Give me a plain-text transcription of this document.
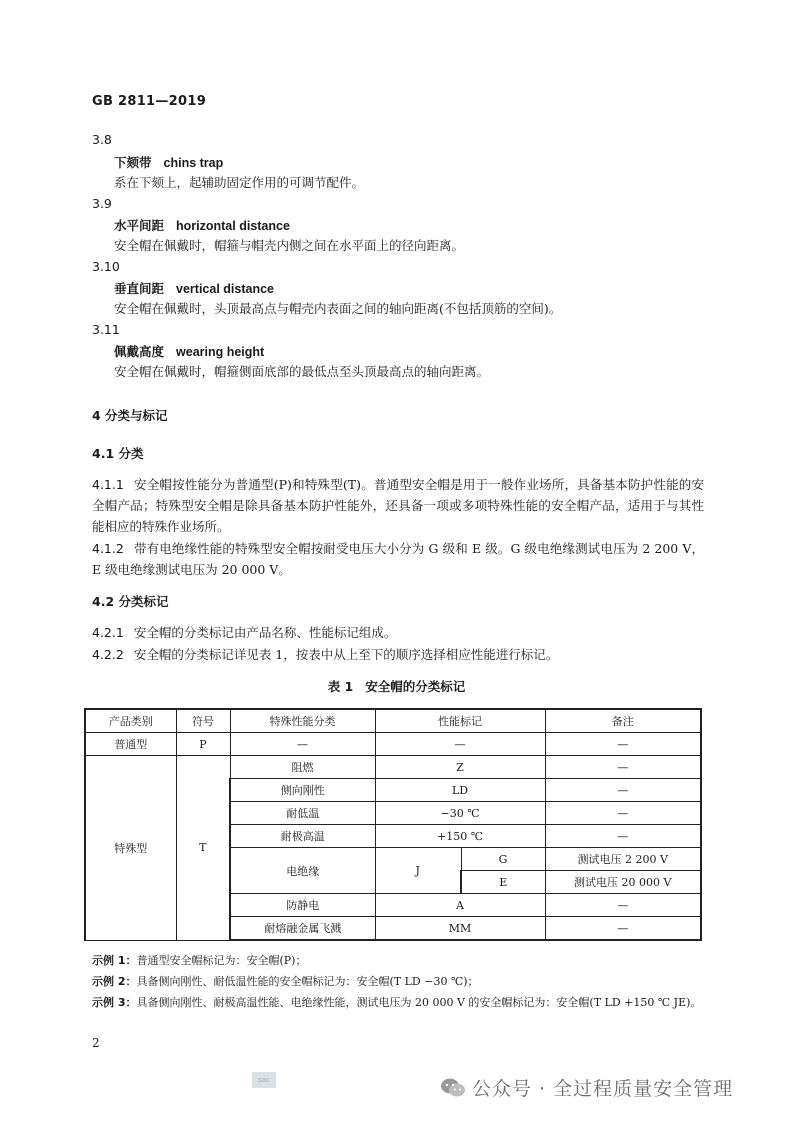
GB 2811—2019
3.8
下颏带 chins trap
系在下颏上，起辅助固定作用的可调节配件。
3.9
水平间距 horizontal distance
安全帽在佩戴时，帽箍与帽壳内侧之间在水平面上的径向距离。
3.10
垂直间距 vertical distance
安全帽在佩戴时，头顶最高点与帽壳内表面之间的轴向距离(不包括顶筋的空间)。
3.11
佩戴高度 wearing height
安全帽在佩戴时，帽箍侧面底部的最低点至头顶最高点的轴向距离。
4 分类与标记
4.1 分类
4.1.1 安全帽按性能分为普通型(P)和特殊型(T)。普通型安全帽是用于一般作业场所，具备基本防护性能的安全帽产品；特殊型安全帽是除具备基本防护性能外，还具备一项或多项特殊性能的安全帽产品，适用于与其性能相应的特殊作业场所。
4.1.2 带有电绝缘性能的特殊型安全帽按耐受电压大小分为 G 级和 E 级。G 级电绝缘测试电压为 2 200 V，E 级电绝缘测试电压为 20 000 V。
4.2 分类标记
4.2.1 安全帽的分类标记由产品名称、性能标记组成。
4.2.2 安全帽的分类标记详见表 1，按表中从上至下的顺序选择相应性能进行标记。
表 1 安全帽的分类标记
产品类别	符号	特殊性能分类	性能标记		备注
普通型	P	—	—		—
特殊型	T	阻燃	Z		—
		侧向刚性	LD		—
		耐低温	−30 ℃		—
		耐极高温	+150 ℃		—
		电绝缘	J	G	测试电压 2 200 V
				E	测试电压 20 000 V
		防静电	A		—
		耐熔融金属飞溅	MM		—
示例 1：普通型安全帽标记为：安全帽(P)；
示例 2：具备侧向刚性、耐低温性能的安全帽标记为：安全帽(T LD −30 ℃)；
示例 3：具备侧向刚性、耐极高温性能、电绝缘性能，测试电压为 20 000 V 的安全帽标记为：安全帽(T LD +150 ℃ JE)。
2
sac	公众号 · 全过程质量安全管理
